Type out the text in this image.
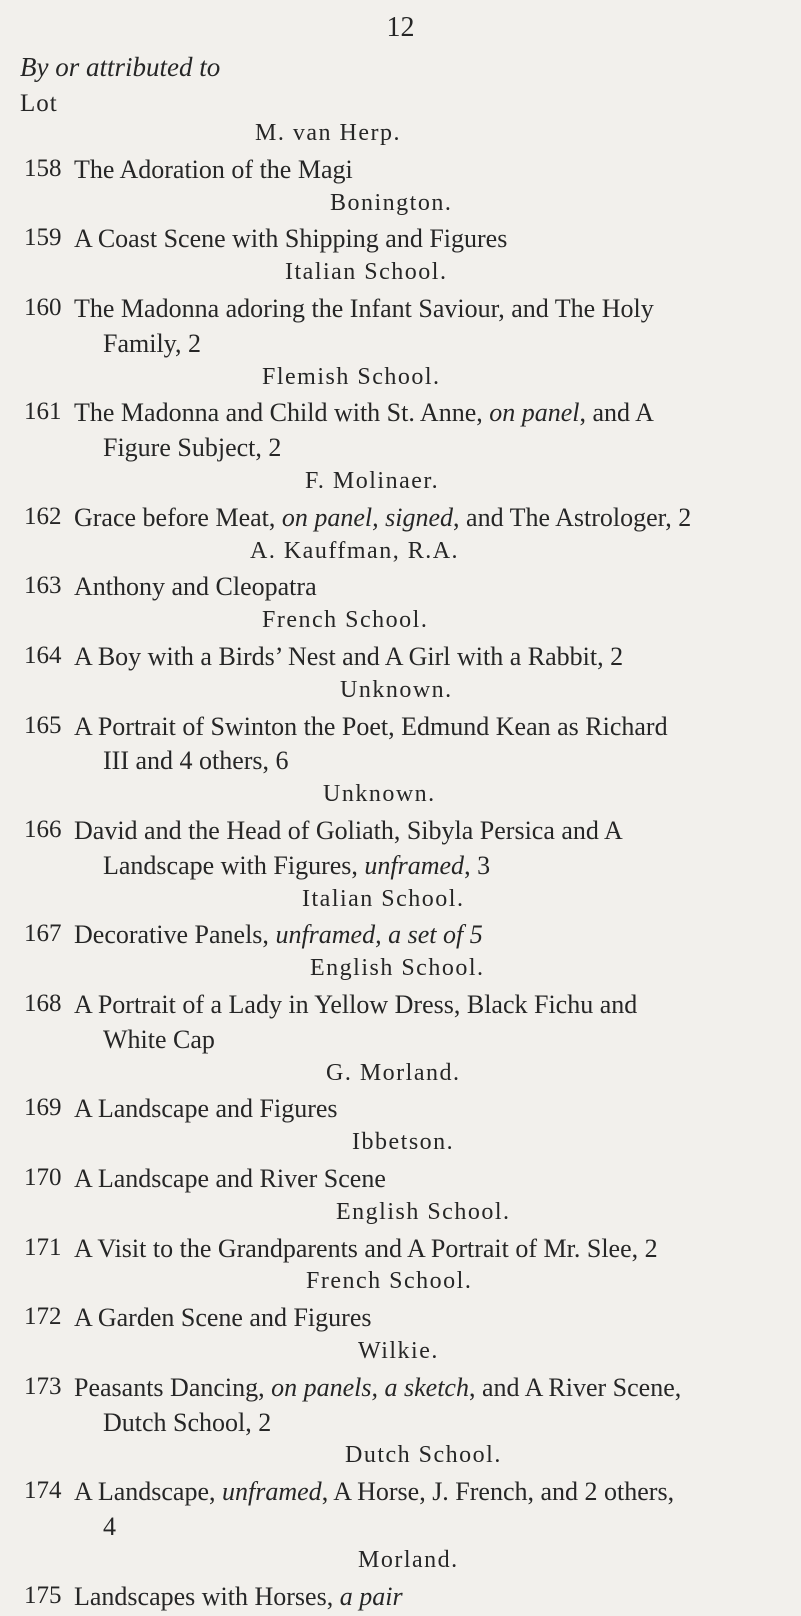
12
By or attributed to
Lot
M. van Herp.
158 The Adoration of the Magi
Bonington.
159 A Coast Scene with Shipping and Figures
Italian School.
160 The Madonna adoring the Infant Saviour, and The Holy
Family, 2
Flemish School.
161 The Madonna and Child with St. Anne, on panel, and A
Figure Subject, 2
F. Molinaer.
162 Grace before Meat, on panel, signed, and The Astrologer, 2
A. Kauffman, R.A.
163 Anthony and Cleopatra
French School.
164 A Boy with a Birds’ Nest and A Girl with a Rabbit, 2
Unknown.
165 A Portrait of Swinton the Poet, Edmund Kean as Richard
III and 4 others, 6
Unknown.
166 David and the Head of Goliath, Sibyla Persica and A
Landscape with Figures, unframed, 3
Italian School.
167 Decorative Panels, unframed, a set of 5
English School.
168 A Portrait of a Lady in Yellow Dress, Black Fichu and
White Cap
G. Morland.
169 A Landscape and Figures
Ibbetson.
170 A Landscape and River Scene
English School.
171 A Visit to the Grandparents and A Portrait of Mr. Slee, 2
French School.
172 A Garden Scene and Figures
Wilkie.
173 Peasants Dancing, on panels, a sketch, and A River Scene,
Dutch School, 2
Dutch School.
174 A Landscape, unframed, A Horse, J. French, and 2 others,
4
Morland.
175 Landscapes with Horses, a pair
